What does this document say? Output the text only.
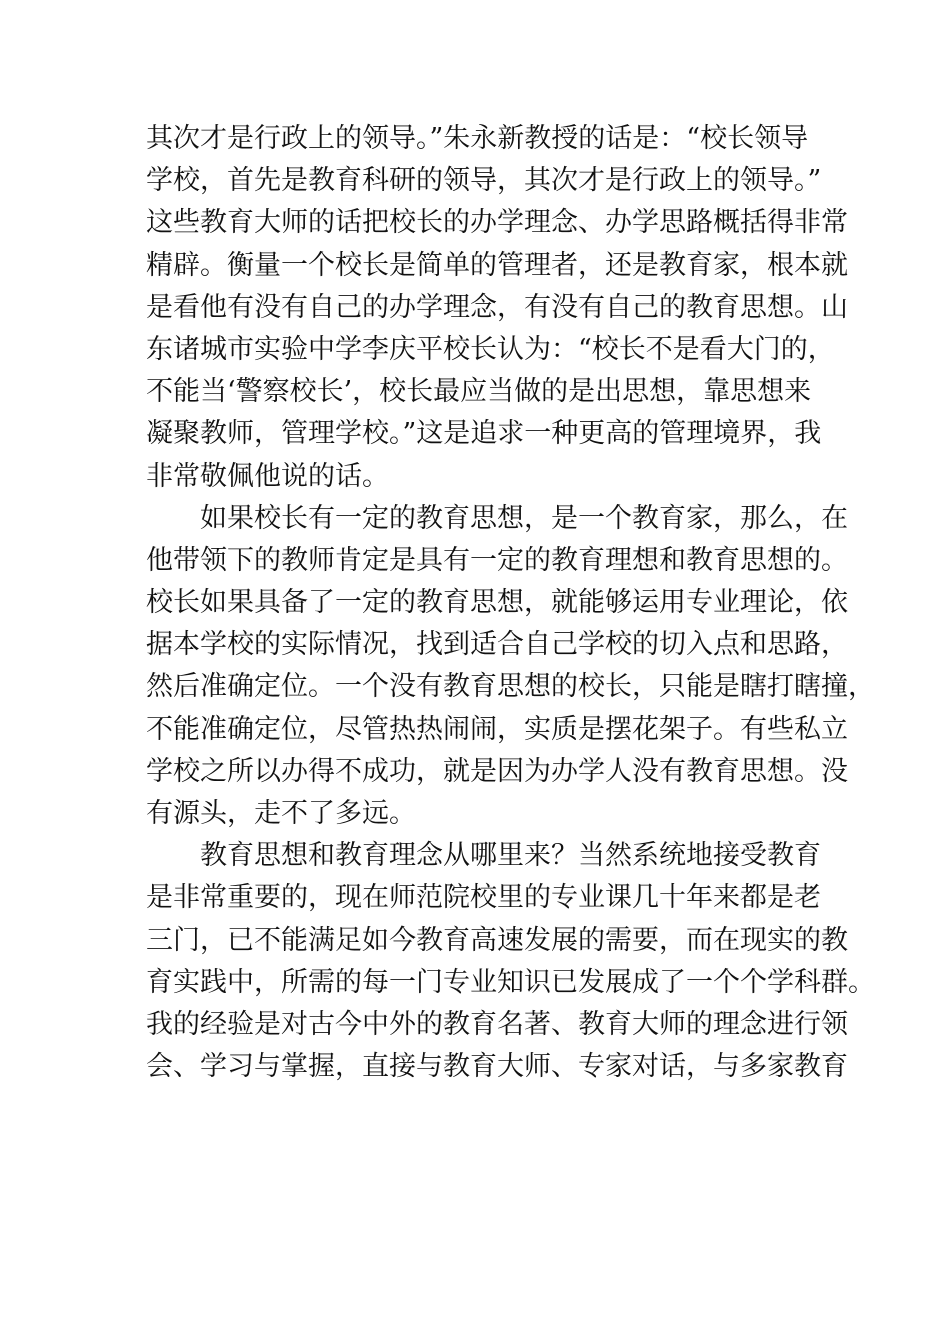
其次才是行政上的领导。”朱永新教授的话是：“校长领导
学校，首先是教育科研的领导，其次才是行政上的领导。”
这些教育大师的话把校长的办学理念、办学思路概括得非常
精辟。衡量一个校长是简单的管理者，还是教育家，根本就
是看他有没有自己的办学理念，有没有自己的教育思想。山
东诸城市实验中学李庆平校长认为：“校长不是看大门的，
不能当‘警察校长’，校长最应当做的是出思想，靠思想来
凝聚教师，管理学校。”这是追求一种更高的管理境界，我
非常敬佩他说的话。
如果校长有一定的教育思想，是一个教育家，那么，在
他带领下的教师肯定是具有一定的教育理想和教育思想的。
校长如果具备了一定的教育思想，就能够运用专业理论，依
据本学校的实际情况，找到适合自己学校的切入点和思路，
然后准确定位。一个没有教育思想的校长，只能是瞎打瞎撞，
不能准确定位，尽管热热闹闹，实质是摆花架子。有些私立
学校之所以办得不成功，就是因为办学人没有教育思想。没
有源头，走不了多远。
教育思想和教育理念从哪里来？当然系统地接受教育
是非常重要的，现在师范院校里的专业课几十年来都是老
三门，已不能满足如今教育高速发展的需要，而在现实的教
育实践中，所需的每一门专业知识已发展成了一个个学科群。
我的经验是对古今中外的教育名著、教育大师的理念进行领
会、学习与掌握，直接与教育大师、专家对话，与多家教育
